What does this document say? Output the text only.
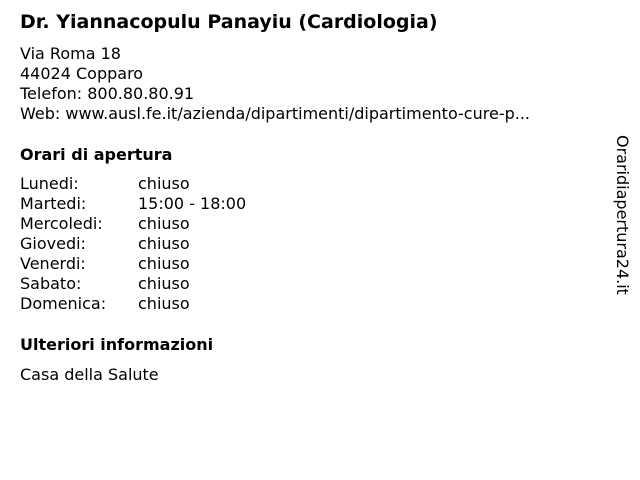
Dr. Yiannacopulu Panayiu (Cardiologia)
Via Roma 18
44024 Copparo
Telefon: 800.80.80.91
Web: www.ausl.fe.it/azienda/dipartimenti/dipartimento-cure-p...
Orari di apertura
Lunedi:	chiuso
Martedi:	15:00 - 18:00
Mercoledi: chiuso
Giovedi:	chiuso
Venerdi:	chiuso
Sabato:	chiuso
Domenica: chiuso
Ulteriori informazioni
Casa della Salute
Oraridiapertura24.it
